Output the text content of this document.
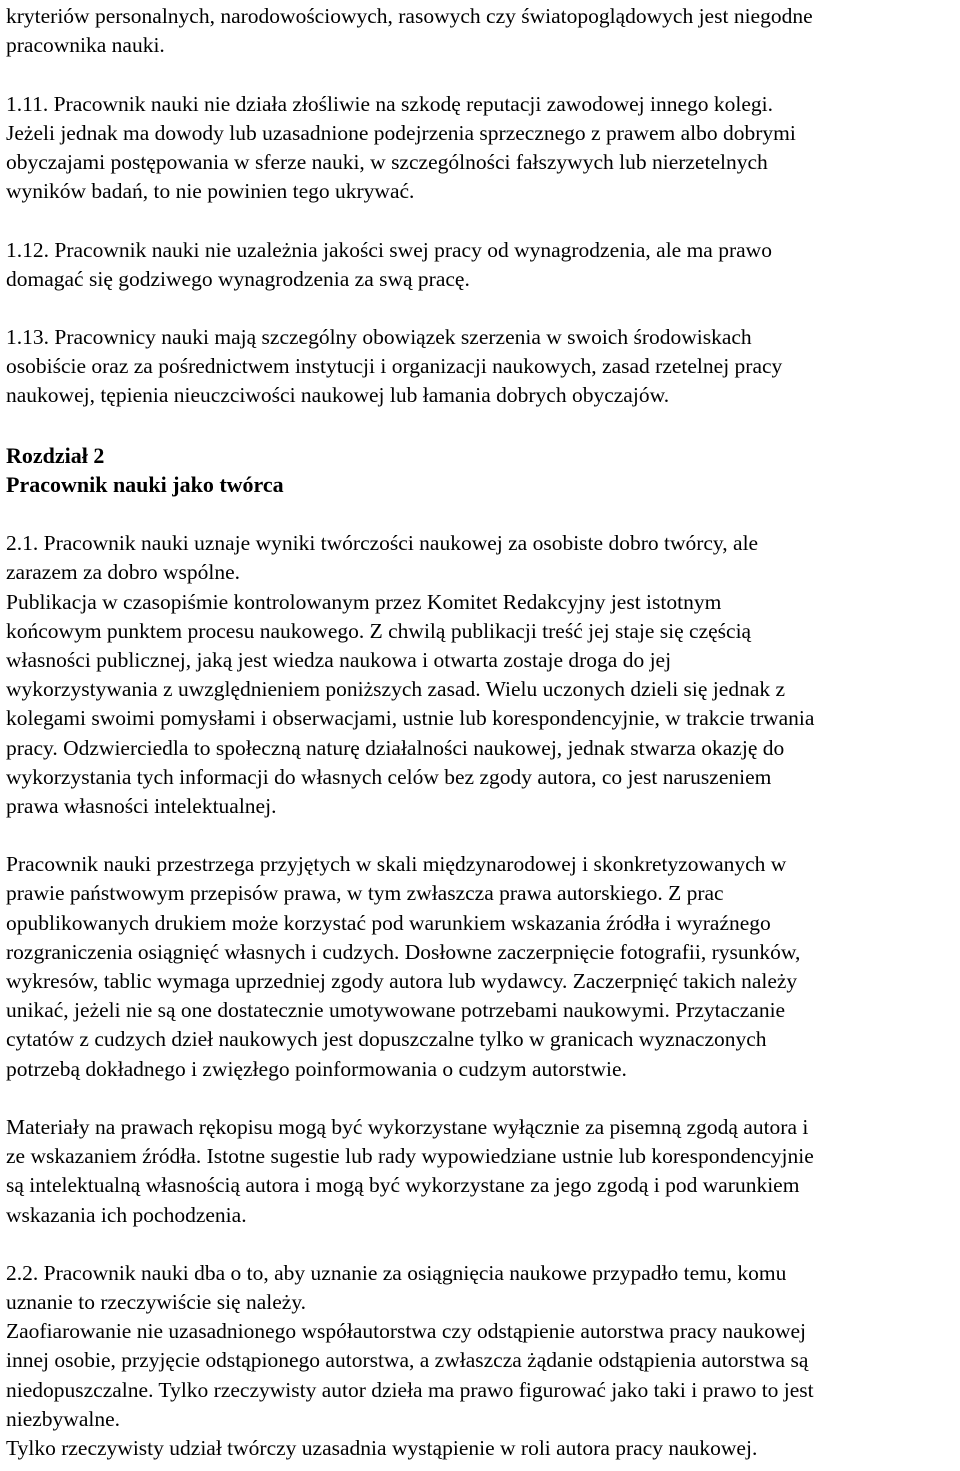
kryteriów personalnych, narodowościowych, rasowych czy światopoglądowych jest niegodne
pracownika nauki.
1.11. Pracownik nauki nie działa złośliwie na szkodę reputacji zawodowej innego kolegi.
Jeżeli jednak ma dowody lub uzasadnione podejrzenia sprzecznego z prawem albo dobrymi
obyczajami postępowania w sferze nauki, w szczególności fałszywych lub nierzetelnych
wyników badań, to nie powinien tego ukrywać.
1.12. Pracownik nauki nie uzależnia jakości swej pracy od wynagrodzenia, ale ma prawo
domagać się godziwego wynagrodzenia za swą pracę.
1.13. Pracownicy nauki mają szczególny obowiązek szerzenia w swoich środowiskach
osobiście oraz za pośrednictwem instytucji i organizacji naukowych, zasad rzetelnej pracy
naukowej, tępienia nieuczciwości naukowej lub łamania dobrych obyczajów.
Rozdział 2
Pracownik nauki jako twórca
2.1. Pracownik nauki uznaje wyniki twórczości naukowej za osobiste dobro twórcy, ale
zarazem za dobro wspólne.
Publikacja w czasopiśmie kontrolowanym przez Komitet Redakcyjny jest istotnym
końcowym punktem procesu naukowego. Z chwilą publikacji treść jej staje się częścią
własności publicznej, jaką jest wiedza naukowa i otwarta zostaje droga do jej
wykorzystywania z uwzględnieniem poniższych zasad. Wielu uczonych dzieli się jednak z
kolegami swoimi pomysłami i obserwacjami, ustnie lub korespondencyjnie, w trakcie trwania
pracy. Odzwierciedla to społeczną naturę działalności naukowej, jednak stwarza okazję do
wykorzystania tych informacji do własnych celów bez zgody autora, co jest naruszeniem
prawa własności intelektualnej.
Pracownik nauki przestrzega przyjętych w skali międzynarodowej i skonkretyzowanych w
prawie państwowym przepisów prawa, w tym zwłaszcza prawa autorskiego. Z prac
opublikowanych drukiem może korzystać pod warunkiem wskazania źródła i wyraźnego
rozgraniczenia osiągnięć własnych i cudzych. Dosłowne zaczerpnięcie fotografii, rysunków,
wykresów, tablic wymaga uprzedniej zgody autora lub wydawcy. Zaczerpnięć takich należy
unikać, jeżeli nie są one dostatecznie umotywowane potrzebami naukowymi. Przytaczanie
cytatów z cudzych dzieł naukowych jest dopuszczalne tylko w granicach wyznaczonych
potrzebą dokładnego i zwięzłego poinformowania o cudzym autorstwie.
Materiały na prawach rękopisu mogą być wykorzystane wyłącznie za pisemną zgodą autora i
ze wskazaniem źródła. Istotne sugestie lub rady wypowiedziane ustnie lub korespondencyjnie
są intelektualną własnością autora i mogą być wykorzystane za jego zgodą i pod warunkiem
wskazania ich pochodzenia.
2.2. Pracownik nauki dba o to, aby uznanie za osiągnięcia naukowe przypadło temu, komu
uznanie to rzeczywiście się należy.
Zaofiarowanie nie uzasadnionego współautorstwa czy odstąpienie autorstwa pracy naukowej
innej osobie, przyjęcie odstąpionego autorstwa, a zwłaszcza żądanie odstąpienia autorstwa są
niedopuszczalne. Tylko rzeczywisty autor dzieła ma prawo figurować jako taki i prawo to jest
niezbywalne.
Tylko rzeczywisty udział twórczy uzasadnia wystąpienie w roli autora pracy naukowej.
